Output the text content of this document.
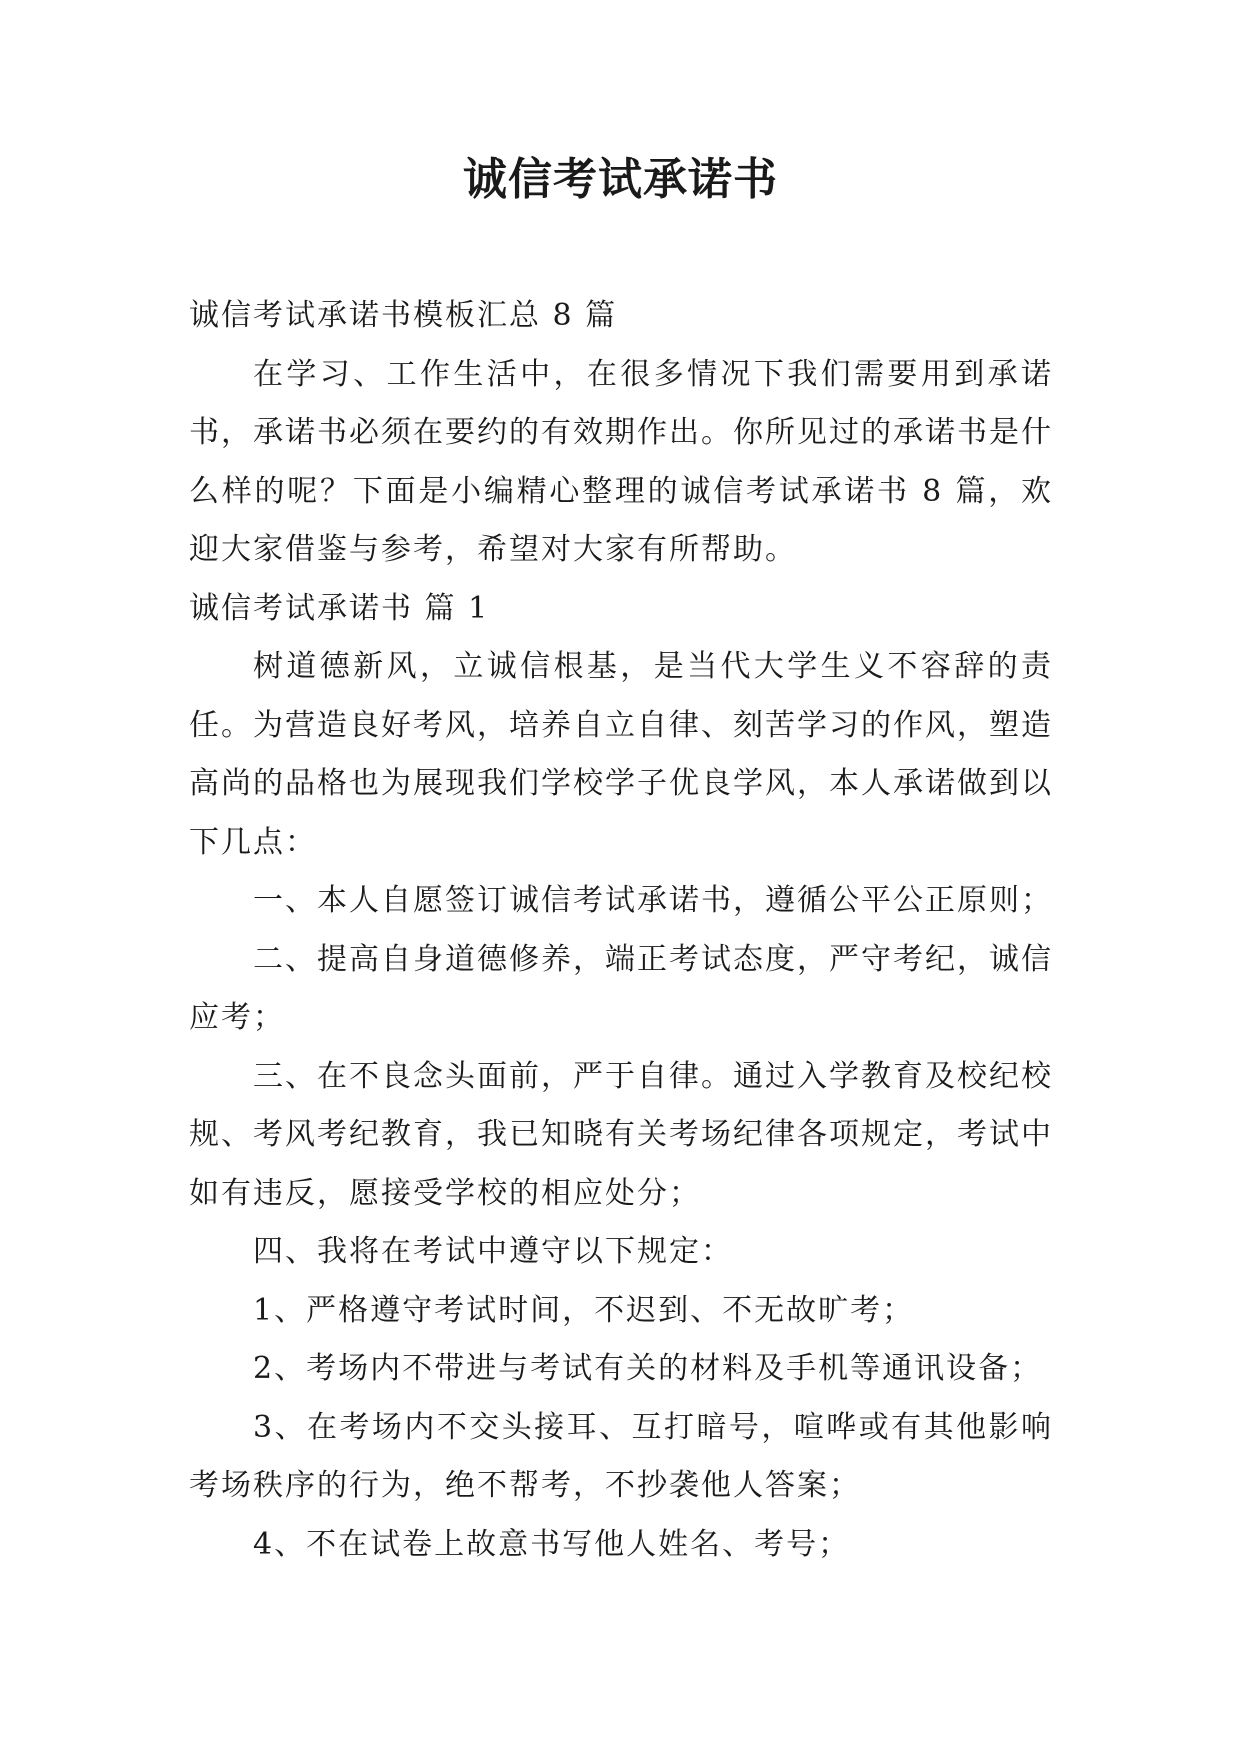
诚信考试承诺书

诚信考试承诺书模板汇总 8 篇

在学习、工作生活中，在很多情况下我们需要用到承诺书，承诺书必须在要约的有效期作出。你所见过的承诺书是什么样的呢？下面是小编精心整理的诚信考试承诺书 8 篇，欢迎大家借鉴与参考，希望对大家有所帮助。

诚信考试承诺书 篇 1

树道德新风，立诚信根基，是当代大学生义不容辞的责任。为营造良好考风，培养自立自律、刻苦学习的作风，塑造高尚的品格也为展现我们学校学子优良学风，本人承诺做到以下几点：

一、本人自愿签订诚信考试承诺书，遵循公平公正原则；

二、提高自身道德修养，端正考试态度，严守考纪，诚信应考；

三、在不良念头面前，严于自律。通过入学教育及校纪校规、考风考纪教育，我已知晓有关考场纪律各项规定，考试中如有违反，愿接受学校的相应处分；

四、我将在考试中遵守以下规定：

1、严格遵守考试时间，不迟到、不无故旷考；

2、考场内不带进与考试有关的材料及手机等通讯设备；

3、在考场内不交头接耳、互打暗号，喧哗或有其他影响考场秩序的行为，绝不帮考，不抄袭他人答案；

4、不在试卷上故意书写他人姓名、考号；
